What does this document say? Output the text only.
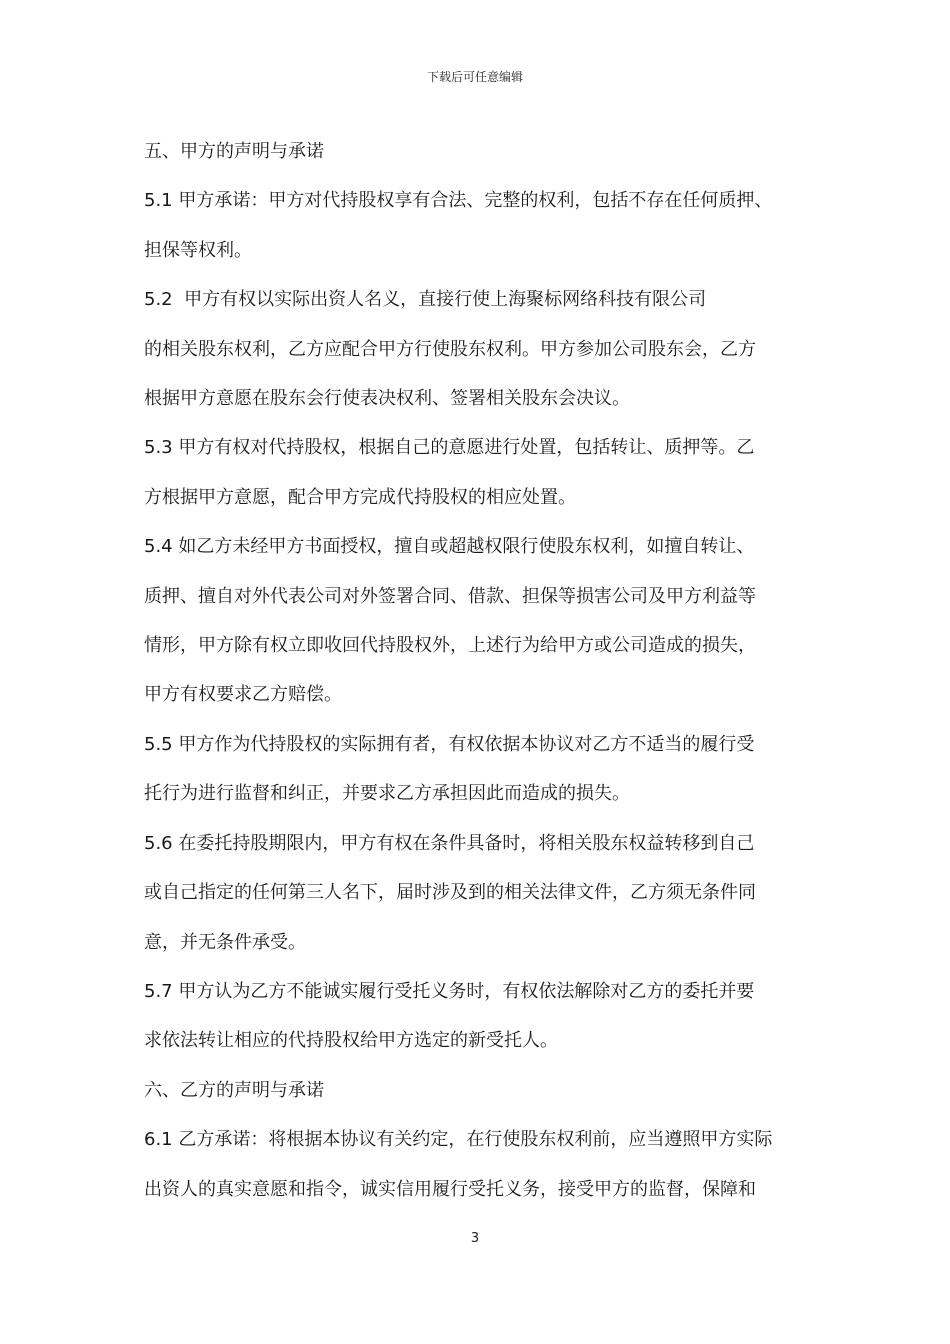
下载后可任意编辑

五、甲方的声明与承诺

5.1 甲方承诺：甲方对代持股权享有合法、完整的权利，包括不存在任何质押、

担保等权利。

5.2  甲方有权以实际出资人名义，直接行使上海聚标网络科技有限公司

的相关股东权利，乙方应配合甲方行使股东权利。甲方参加公司股东会，乙方

根据甲方意愿在股东会行使表决权利、签署相关股东会决议。

5.3 甲方有权对代持股权，根据自己的意愿进行处置，包括转让、质押等。乙

方根据甲方意愿，配合甲方完成代持股权的相应处置。

5.4 如乙方未经甲方书面授权，擅自或超越权限行使股东权利，如擅自转让、

质押、擅自对外代表公司对外签署合同、借款、担保等损害公司及甲方利益等

情形，甲方除有权立即收回代持股权外，上述行为给甲方或公司造成的损失，

甲方有权要求乙方赔偿。

5.5 甲方作为代持股权的实际拥有者，有权依据本协议对乙方不适当的履行受

托行为进行监督和纠正，并要求乙方承担因此而造成的损失。

5.6 在委托持股期限内，甲方有权在条件具备时，将相关股东权益转移到自己

或自己指定的任何第三人名下，届时涉及到的相关法律文件，乙方须无条件同

意，并无条件承受。

5.7 甲方认为乙方不能诚实履行受托义务时，有权依法解除对乙方的委托并要

求依法转让相应的代持股权给甲方选定的新受托人。

六、乙方的声明与承诺

6.1 乙方承诺：将根据本协议有关约定，在行使股东权利前，应当遵照甲方实际

出资人的真实意愿和指令，诚实信用履行受托义务，接受甲方的监督，保障和

3
